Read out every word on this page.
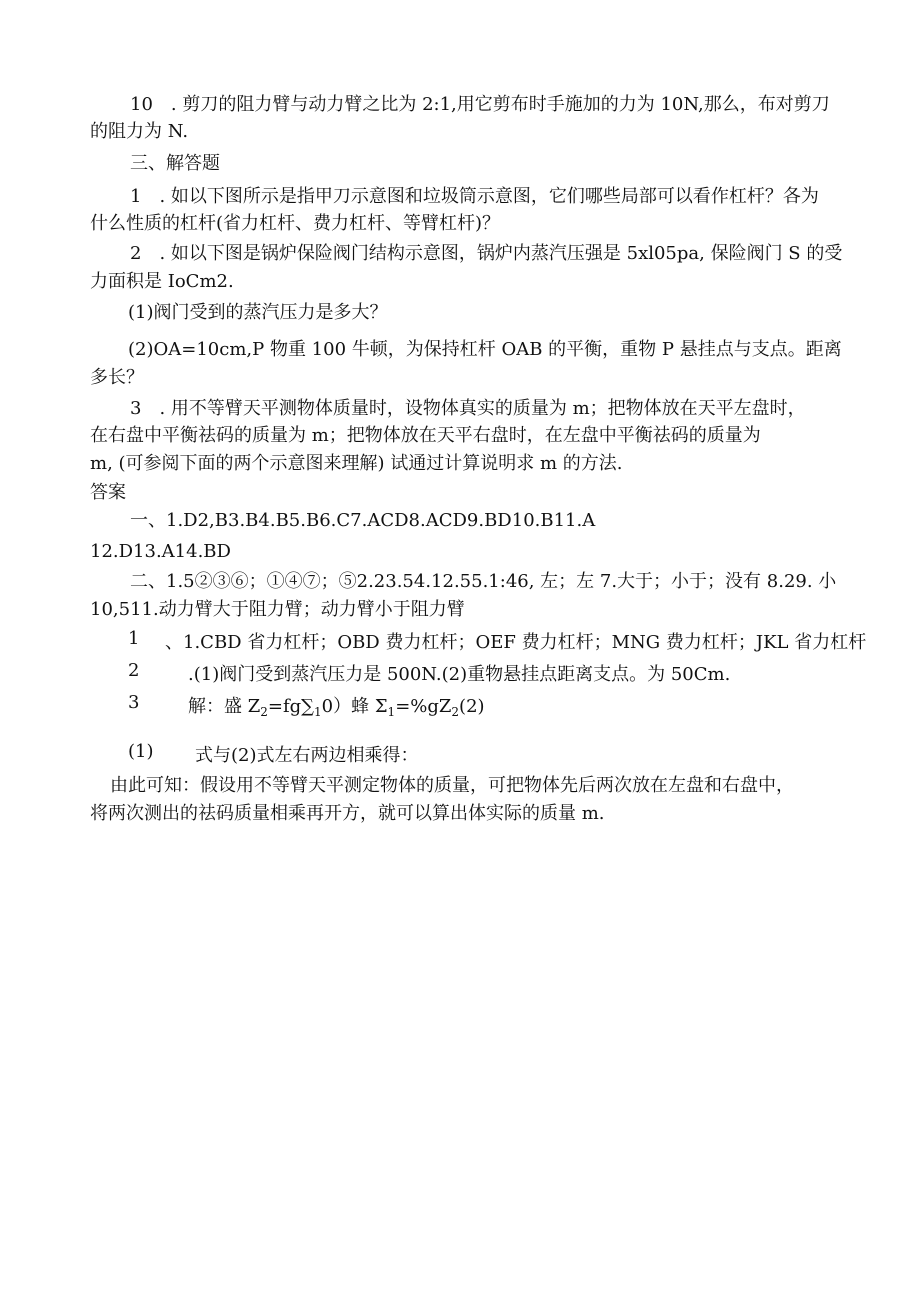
10　. 剪刀的阻力臂与动力臂之比为 2:1,用它剪布时手施加的力为 10N,那么，布对剪刀
的阻力为 N.
三、解答题
1　. 如以下图所示是指甲刀示意图和垃圾筒示意图，它们哪些局部可以看作杠杆？各为
什么性质的杠杆(省力杠杆、费力杠杆、等臂杠杆)？
2　. 如以下图是锅炉保险阀门结构示意图，锅炉内蒸汽压强是 5xl05pa, 保险阀门 S 的受
力面积是 IoCm2.
(1)阀门受到的蒸汽压力是多大？
(2)OA=10cm,P 物重 100 牛顿，为保持杠杆 OAB 的平衡，重物 P 悬挂点与支点。距离
多长？
3　. 用不等臂天平测物体质量时，设物体真实的质量为 m；把物体放在天平左盘时，
在右盘中平衡祛码的质量为 m；把物体放在天平右盘时，在左盘中平衡祛码的质量为
m, (可参阅下面的两个示意图来理解) 试通过计算说明求 m 的方法.
答案
一、1.D2,B3.B4.B5.B6.C7.ACD8.ACD9.BD10.B11.A
12.D13.A14.BD
二、1.5②③⑥；①④⑦；⑤2.23.54.12.55.1:46, 左；左 7.大于；小于；没有 8.29. 小
10,511.动力臂大于阻力臂；动力臂小于阻力臂
1 、1.CBD 省力杠杆；OBD 费力杠杆；OEF 费力杠杆；MNG 费力杠杆；JKL 省力杠杆
2	.(1)阀门受到蒸汽压力是 500N.(2)重物悬挂点距离支点。为 50Cm.
3	解：盛 $Z_2=fg\sum_10$）蜂 $\Sigma_1=\%gZ_2(2)$
(1) 式与(2)式左右两边相乘得：
由此可知：假设用不等臂天平测定物体的质量，可把物体先后两次放在左盘和右盘中，
将两次测出的祛码质量相乘再开方，就可以算出体实际的质量 m.
